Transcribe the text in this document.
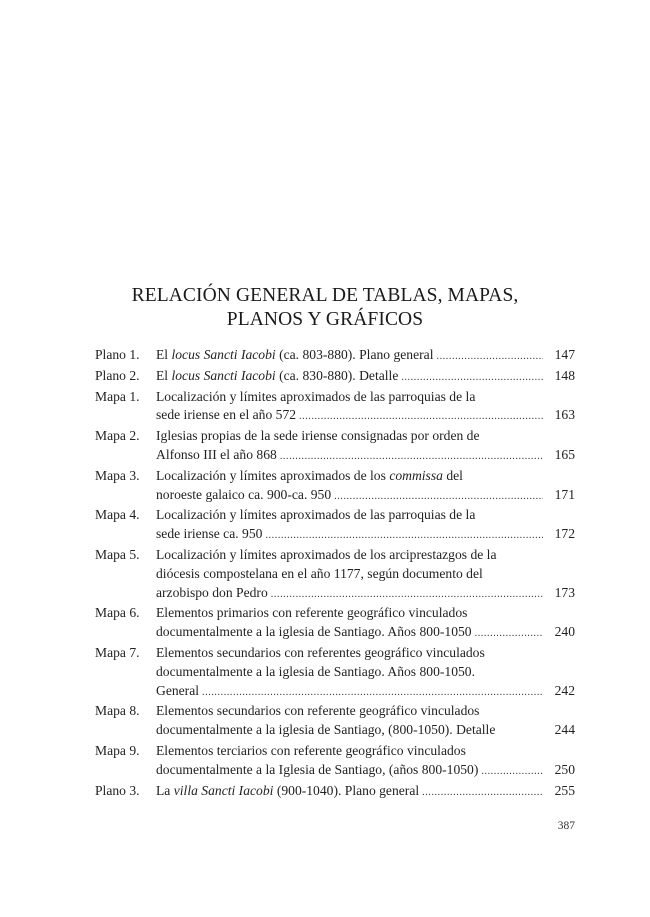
RELACIÓN GENERAL DE TABLAS, MAPAS,
PLANOS Y GRÁFICOS
Plano 1.	El locus Sancti Iacobi (ca. 803-880). Plano general .....	147
Plano 2.	El locus Sancti Iacobi (ca. 830-880). Detalle .....	148
Mapa 1.	Localización y límites aproximados de las parroquias de la
sede iriense en el año 572 .....	163
Mapa 2.	Iglesias propias de la sede iriense consignadas por orden de
Alfonso III el año 868 .....	165
Mapa 3.	Localización y límites aproximados de los commissa del
noroeste galaico ca. 900-ca. 950 .....	171
Mapa 4.	Localización y límites aproximados de las parroquias de la
sede iriense ca. 950 .....	172
Mapa 5.	Localización y límites aproximados de los arciprestazgos de la
diócesis compostelana en el año 1177, según documento del
arzobispo don Pedro .....	173
Mapa 6.	Elementos primarios con referente geográfico vinculados
documentalmente a la iglesia de Santiago. Años 800-1050 .....	240
Mapa 7.	Elementos secundarios con referentes geográfico vinculados
documentalmente a la iglesia de Santiago. Años 800-1050.
General .....	242
Mapa 8.	Elementos secundarios con referente geográfico vinculados
documentalmente a la iglesia de Santiago, (800-1050). Detalle	244
Mapa 9.	Elementos terciarios con referente geográfico vinculados
documentalmente a la Iglesia de Santiago, (años 800-1050) .....	250
Plano 3.	La villa Sancti Iacobi (900-1040). Plano general .....	255
387
